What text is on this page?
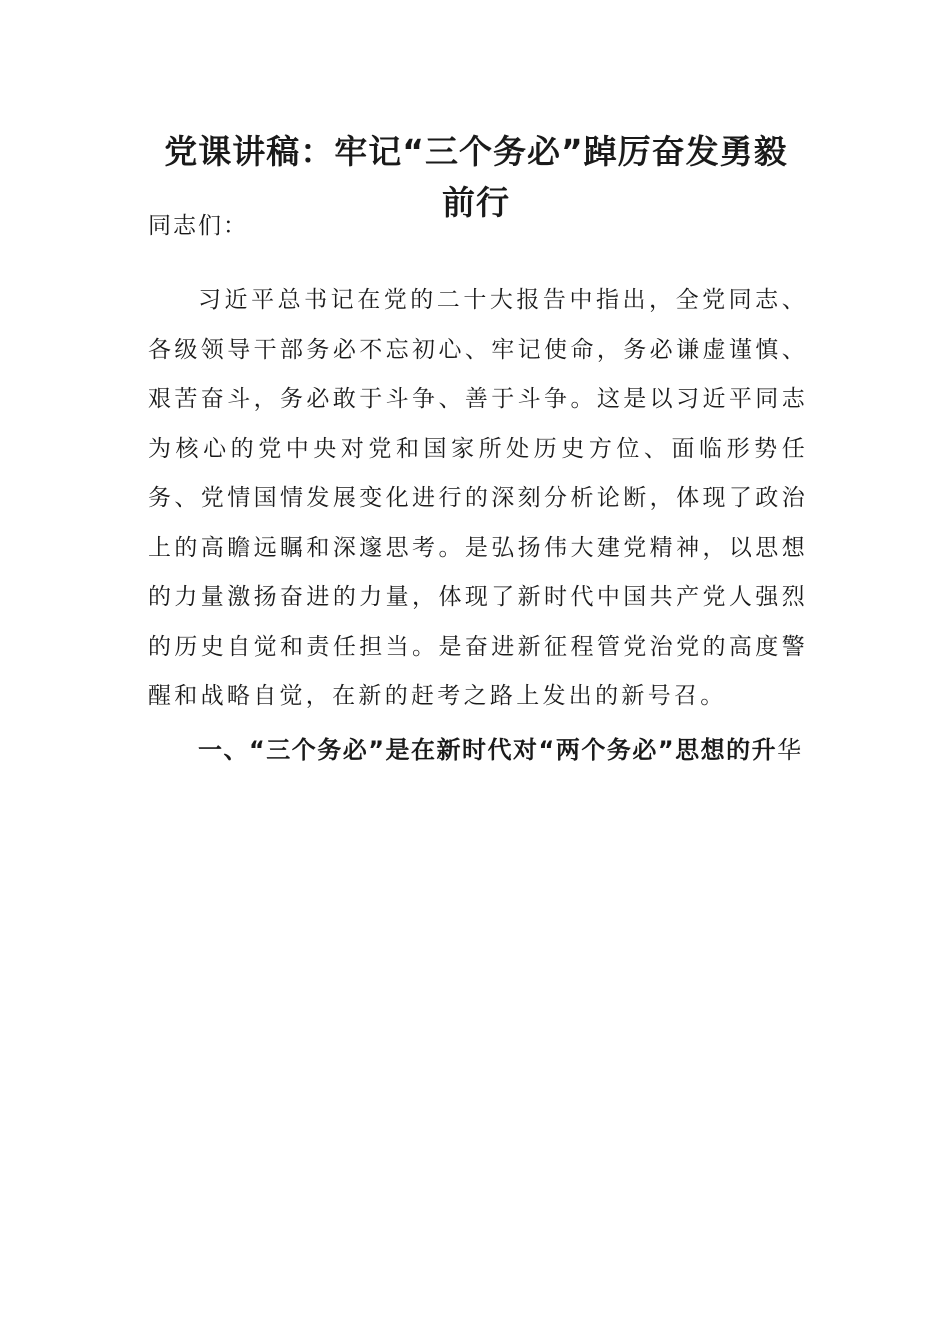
党课讲稿：牢记“三个务必”踔厉奋发勇毅前行

同志们：

习近平总书记在党的二十大报告中指出，全党同志、各级领导干部务必不忘初心、牢记使命，务必谦虚谨慎、艰苦奋斗，务必敢于斗争、善于斗争。这是以习近平同志为核心的党中央对党和国家所处历史方位、面临形势任务、党情国情发展变化进行的深刻分析论断，体现了政治上的高瞻远瞩和深邃思考。是弘扬伟大建党精神，以思想的力量激扬奋进的力量，体现了新时代中国共产党人强烈的历史自觉和责任担当。是奋进新征程管党治党的高度警醒和战略自觉，在新的赶考之路上发出的新号召。

一、“三个务必”是在新时代对“两个务必”思想的升华
